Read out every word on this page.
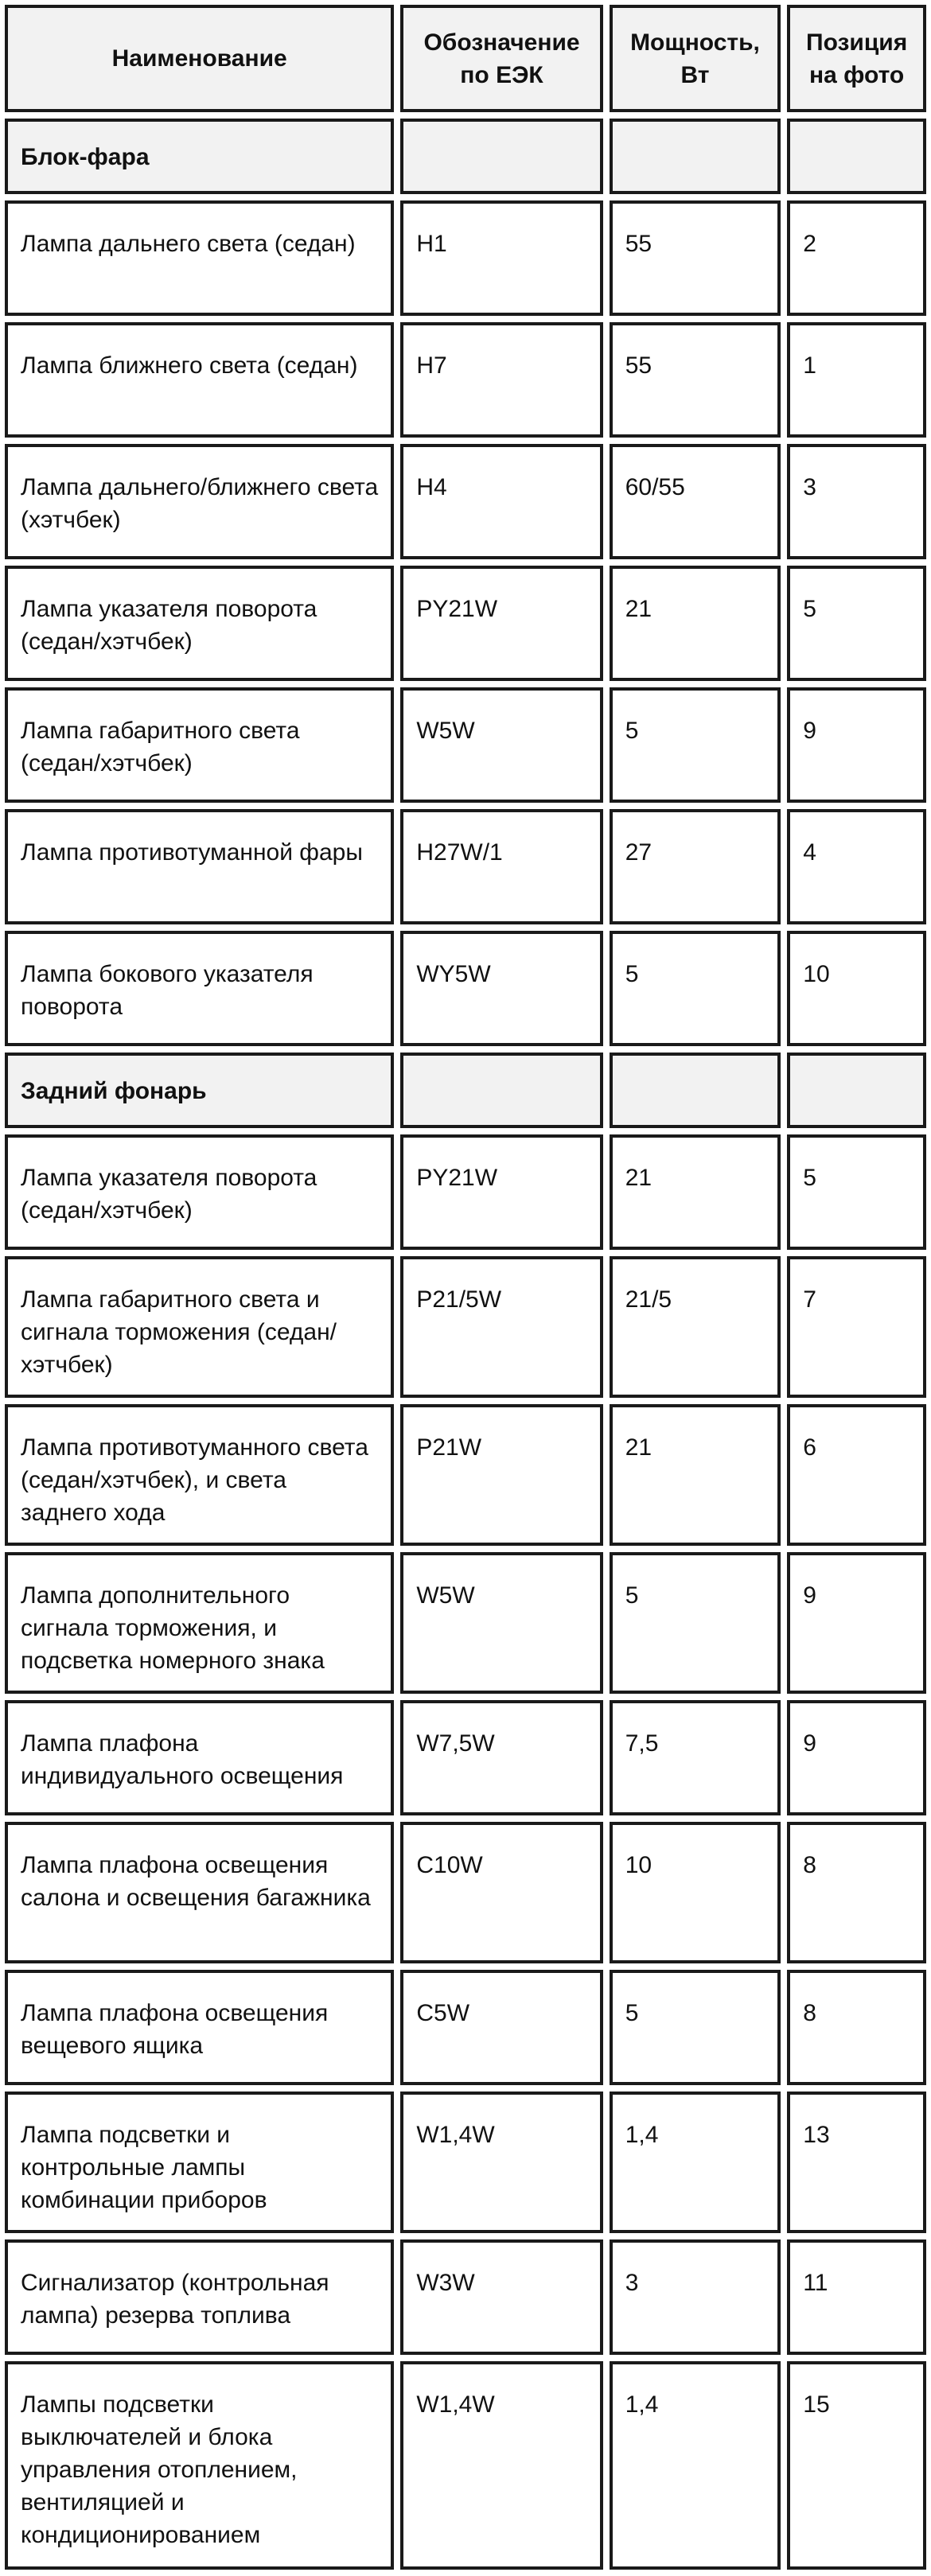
Наименование	Обозначение по ЕЭК	Мощность, Вт	Позиция на фото
Блок-фара			
Лампа дальнего света (седан)	H1	55	2
Лампа ближнего света (седан)	H7	55	1
Лампа дальнего/ближнего света (хэтчбек)	H4	60/55	3
Лампа указателя поворота (седан/хэтчбек)	PY21W	21	5
Лампа габаритного света (седан/хэтчбек)	W5W	5	9
Лампа противотуманной фары	H27W/1	27	4
Лампа бокового указателя поворота	WY5W	5	10
Задний фонарь			
Лампа указателя поворота (седан/хэтчбек)	PY21W	21	5
Лампа габаритного света и сигнала торможения (седан/хэтчбек)	P21/5W	21/5	7
Лампа противотуманного света (седан/хэтчбек), и света заднего хода	P21W	21	6
Лампа дополнительного сигнала торможения, и подсветка номерного знака	W5W	5	9
Лампа плафона индивидуального освещения	W7,5W	7,5	9
Лампа плафона освещения салона и освещения багажника	C10W	10	8
Лампа плафона освещения вещевого ящика	C5W	5	8
Лампа подсветки и контрольные лампы комбинации приборов	W1,4W	1,4	13
Сигнализатор (контрольная лампа) резерва топлива	W3W	3	11
Лампы подсветки выключателей и блока управления отоплением, вентиляцией и кондиционированием	W1,4W	1,4	15
